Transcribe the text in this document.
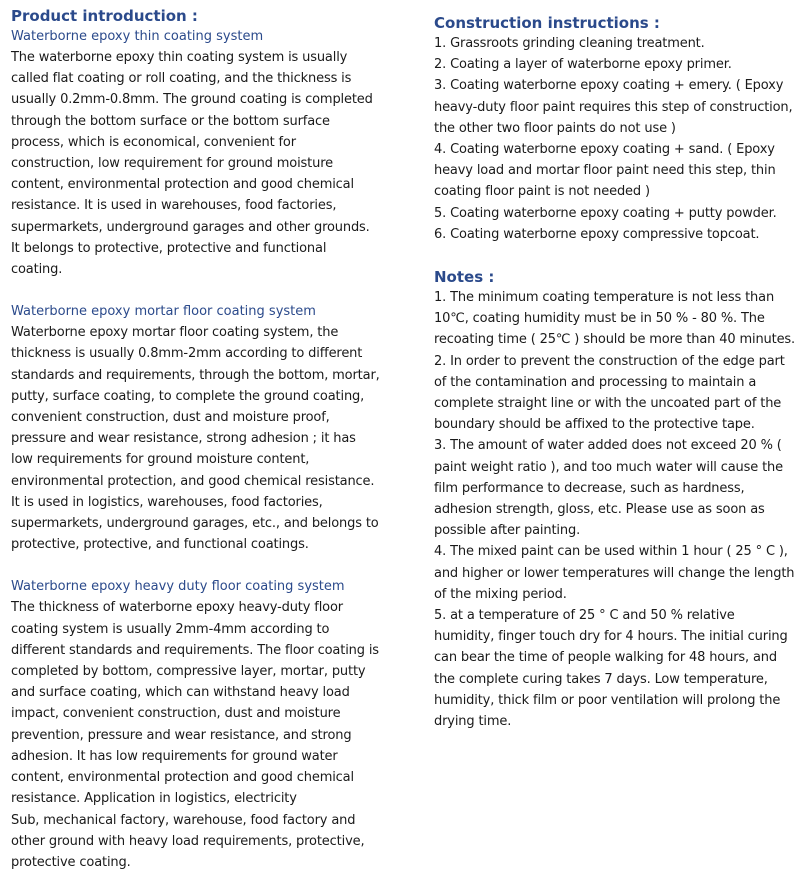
Product introduction :
Waterborne epoxy thin coating system

The waterborne epoxy thin coating system is usually called flat coating or roll coating, and the thickness is usually 0.2mm-0.8mm. The ground coating is completed through the bottom surface or the bottom surface process, which is economical, convenient for construction, low requirement for ground moisture content, environmental protection and good chemical resistance. It is used in warehouses, food factories, supermarkets, underground garages and other grounds. It belongs to protective, protective and functional coating.

Waterborne epoxy mortar floor coating system

Waterborne epoxy mortar floor coating system, the thickness is usually 0.8mm-2mm according to different standards and requirements, through the bottom, mortar, putty, surface coating, to complete the ground coating, convenient construction, dust and moisture proof, pressure and wear resistance, strong adhesion ; it has low requirements for ground moisture content, environmental protection, and good chemical resistance. It is used in logistics, warehouses, food factories, supermarkets, underground garages, etc., and belongs to protective, protective, and functional coatings.

Waterborne epoxy heavy duty floor coating system

The thickness of waterborne epoxy heavy-duty floor coating system is usually 2mm-4mm according to different standards and requirements. The floor coating is completed by bottom, compressive layer, mortar, putty and surface coating, which can withstand heavy load impact, convenient construction, dust and moisture prevention, pressure and wear resistance, and strong adhesion. It has low requirements for ground water content, environmental protection and good chemical resistance. Application in logistics, electricity

Sub, mechanical factory, warehouse, food factory and other ground with heavy load requirements, protective, protective coating.

Construction instructions :

1. Grassroots grinding cleaning treatment.

2. Coating a layer of waterborne epoxy primer.

3. Coating waterborne epoxy coating + emery. ( Epoxy heavy-duty floor paint requires this step of construction, the other two floor paints do not use )

4. Coating waterborne epoxy coating + sand. ( Epoxy heavy load and mortar floor paint need this step, thin coating floor paint is not needed )

5. Coating waterborne epoxy coating + putty powder.

6. Coating waterborne epoxy compressive topcoat.

Notes :

1. The minimum coating temperature is not less than 10℃, coating humidity must be in 50 % - 80 %. The recoating time ( 25℃ ) should be more than 40 minutes.

2. In order to prevent the construction of the edge part of the contamination and processing to maintain a complete straight line or with the uncoated part of the boundary should be affixed to the protective tape.

3. The amount of water added does not exceed 20 % ( paint weight ratio ), and too much water will cause the film performance to decrease, such as hardness, adhesion strength, gloss, etc. Please use as soon as possible after painting.

4. The mixed paint can be used within 1 hour ( 25 ° C ), and higher or lower temperatures will change the length of the mixing period.

5. at a temperature of 25 ° C and 50 % relative humidity, finger touch dry for 4 hours. The initial curing can bear the time of people walking for 48 hours, and the complete curing takes 7 days. Low temperature, humidity, thick film or poor ventilation will prolong the drying time.
